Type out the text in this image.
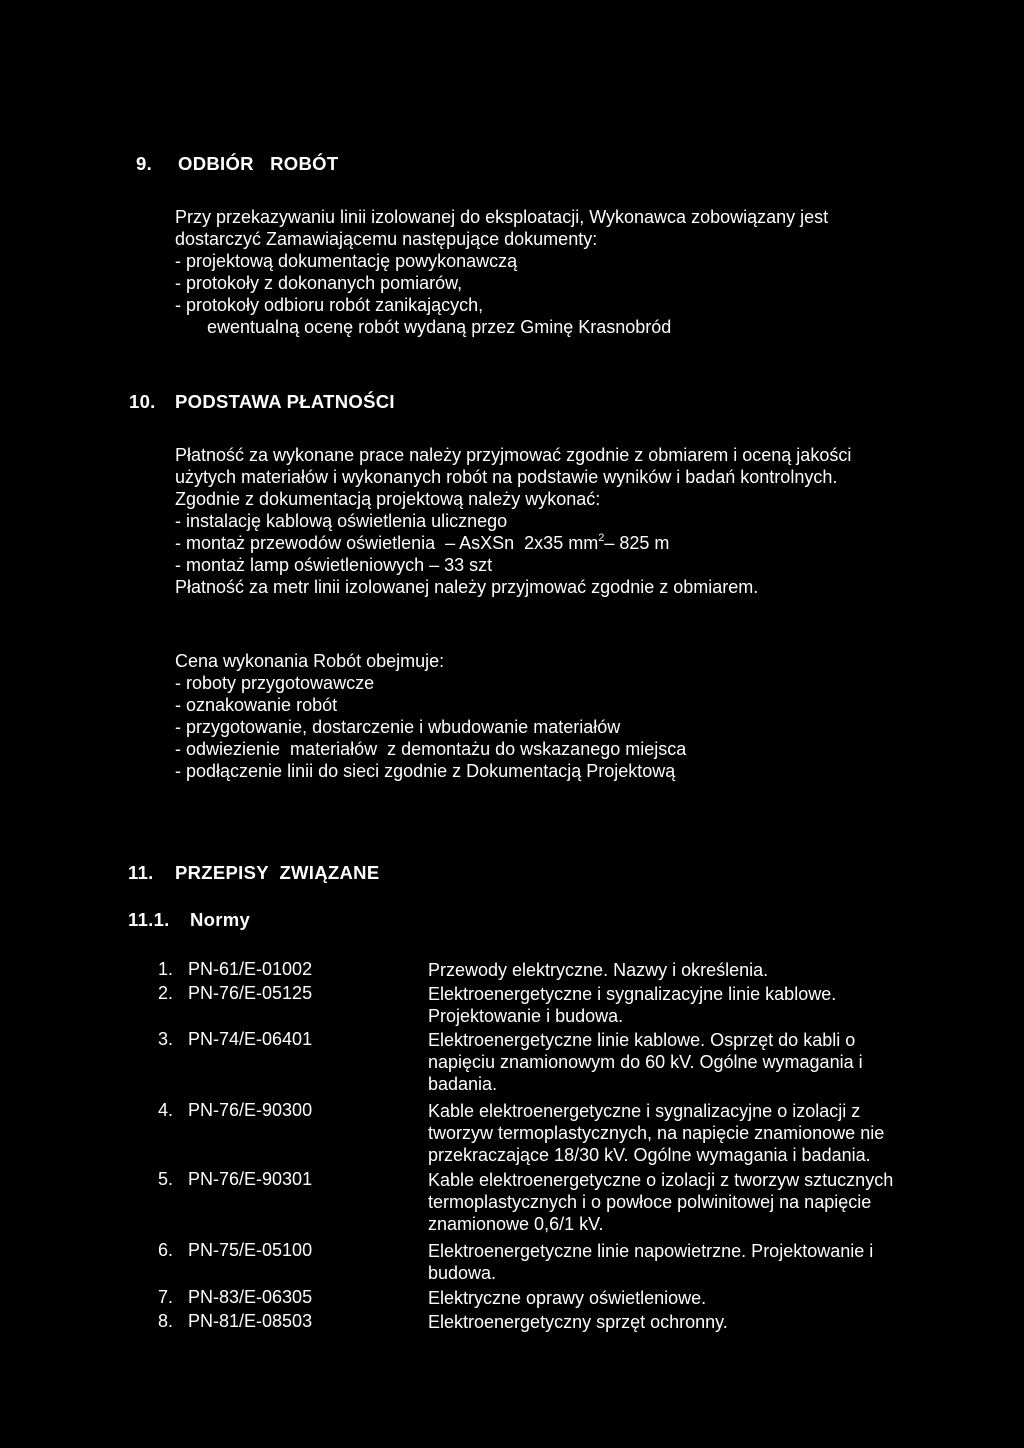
9. ODBIÓR   ROBÓT
Przy przekazywaniu linii izolowanej do eksploatacji, Wykonawca zobowiązany jest
dostarczyć Zamawiającemu następujące dokumenty:
- projektową dokumentację powykonawczą
- protokoły z dokonanych pomiarów,
- protokoły odbioru robót zanikających,
ewentualną ocenę robót wydaną przez Gminę Krasnobród
10. PODSTAWA PŁATNOŚCI
Płatność za wykonane prace należy przyjmować zgodnie z obmiarem i oceną jakości
użytych materiałów i wykonanych robót na podstawie wyników i badań kontrolnych.
Zgodnie z dokumentacją projektową należy wykonać:
- instalację kablową oświetlenia ulicznego
- montaż przewodów oświetlenia  – AsXSn  2x35 $mm^2-$ 825 m
- montaż lamp oświetleniowych – 33 szt
Płatność za metr linii izolowanej należy przyjmować zgodnie z obmiarem.
Cena wykonania Robót obejmuje:
- roboty przygotowawcze
- oznakowanie robót
- przygotowanie, dostarczenie i wbudowanie materiałów
- odwiezienie  materiałów  z demontażu do wskazanego miejsca
- podłączenie linii do sieci zgodnie z Dokumentacją Projektową
11. PRZEPISY  ZWIĄZANE
11.1. Normy
1. PN-61/E-01002	Przewody elektryczne. Nazwy i określenia.
2. PN-76/E-05125	Elektroenergetyczne i sygnalizacyjne linie kablowe.
Projektowanie i budowa.
3. PN-74/E-06401	Elektroenergetyczne linie kablowe. Osprzęt do kabli o
napięciu znamionowym do 60 kV. Ogólne wymagania i
badania.
4. PN-76/E-90300	Kable elektroenergetyczne i sygnalizacyjne o izolacji z
tworzyw termoplastycznych, na napięcie znamionowe nie
przekraczające 18/30 kV. Ogólne wymagania i badania.
5. PN-76/E-90301	Kable elektroenergetyczne o izolacji z tworzyw sztucznych
termoplastycznych i o powłoce polwinitowej na napięcie
znamionowe 0,6/1 kV.
6. PN-75/E-05100	Elektroenergetyczne linie napowietrzne. Projektowanie i
budowa.
7. PN-83/E-06305	Elektryczne oprawy oświetleniowe.
8. PN-81/E-08503	Elektroenergetyczny sprzęt ochronny.
